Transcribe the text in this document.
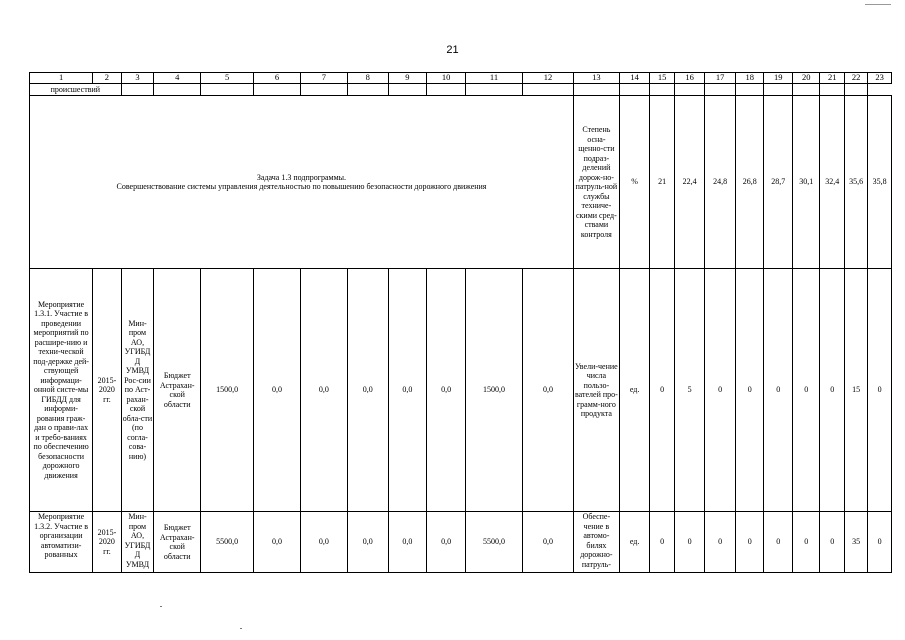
21
1	2	3	4	5	6	7	8	9	10	11	12	13	14	15	16	17	18	19	20	21	22	23
происшествий																						

Задача 1.3 подпрограммы.
Совершенствование системы управления деятельностью по повышению безопасности дорожного движения												Степень осна-щенно-сти подраз-делений дорож-но-патруль-ной службы техниче-скими сред-ствами контроля	%	21	22,4	24,8	26,8	28,7	30,1	32,4	35,6	35,8
Мероприятие 1.3.1. Участие в проведении мероприятий по расшире-нию и техни-ческой под-держке дей-ствующей информаци-онной систе-мы ГИБДД для информи-рования граж-дан о прави-лах и требо-ваниях по обеспечению безопасности дорожного движения	2015-2020 гг.	Мин-пром АО, УГИБДД УМВД Рос-сии по Аст-раxан-ской обла-сти (по согла-сова-нию)	Бюджет Астрахан-ской области	1500,0	0,0	0,0	0,0	0,0	0,0	1500,0	0,0	Увели-чение числа пользо-вателей про-грамм-ного продукта	ед.	0	5	0	0	0	0	0	15	0
Мероприятие 1.3.2. Участие в организации автоматизи-рованных	2015-2020 гг.	Мин-пром АО, УГИБДД УМВД	Бюджет Астрахан-ской области	5500,0	0,0	0,0	0,0	0,0	0,0	5500,0	0,0	Обеспе-чение в автомо-билях дорожно-патруль-	ед.	0	0	0	0	0	0	0	35	0
